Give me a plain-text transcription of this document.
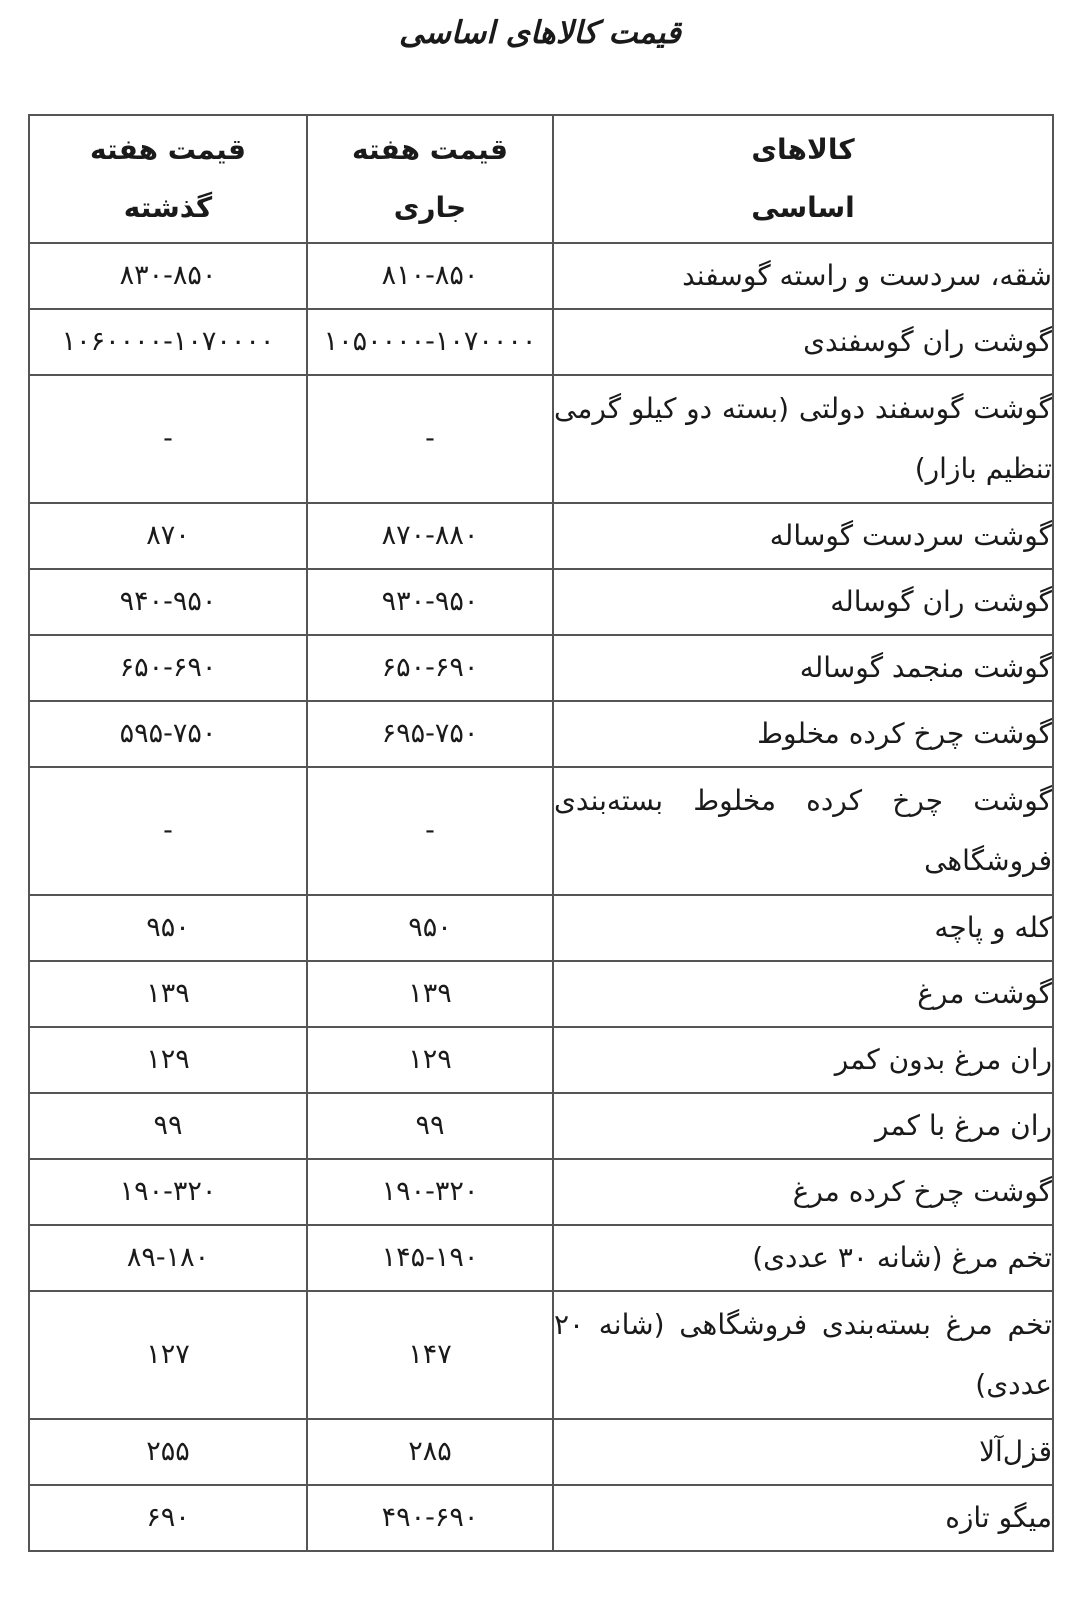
قیمت کالاهای اساسی
کالاهای اساسی	قیمت هفته جاری	قیمت هفته گذشته
شقه، سردست و راسته گوسفند	۸۱۰-۸۵۰	۸۳۰-۸۵۰
گوشت ران گوسفندی	۱۰۵۰۰۰۰-۱۰۷۰۰۰۰	۱۰۶۰۰۰۰-۱۰۷۰۰۰۰
گوشت گوسفند دولتی (بسته دو کیلو گرمی تنظیم بازار)	-	-
گوشت سردست گوساله	۸۷۰-۸۸۰	۸۷۰
گوشت ران گوساله	۹۳۰-۹۵۰	۹۴۰-۹۵۰
گوشت منجمد گوساله	۶۵۰-۶۹۰	۶۵۰-۶۹۰
گوشت چرخ کرده مخلوط	۶۹۵-۷۵۰	۵۹۵-۷۵۰
گوشت چرخ کرده مخلوط بسته‌بندی فروشگاهی	-	-
کله و پاچه	۹۵۰	۹۵۰
گوشت مرغ	۱۳۹	۱۳۹
ران مرغ بدون کمر	۱۲۹	۱۲۹
ران مرغ با کمر	۹۹	۹۹
گوشت چرخ کرده مرغ	۱۹۰-۳۲۰	۱۹۰-۳۲۰
تخم مرغ (شانه ۳۰ عددی)	۱۴۵-۱۹۰	۸۹-۱۸۰
تخم مرغ بسته‌بندی فروشگاهی (شانه ۲۰ عددی)	۱۴۷	۱۲۷
قزل‌آلا	۲۸۵	۲۵۵
میگو تازه	۴۹۰-۶۹۰	۶۹۰
